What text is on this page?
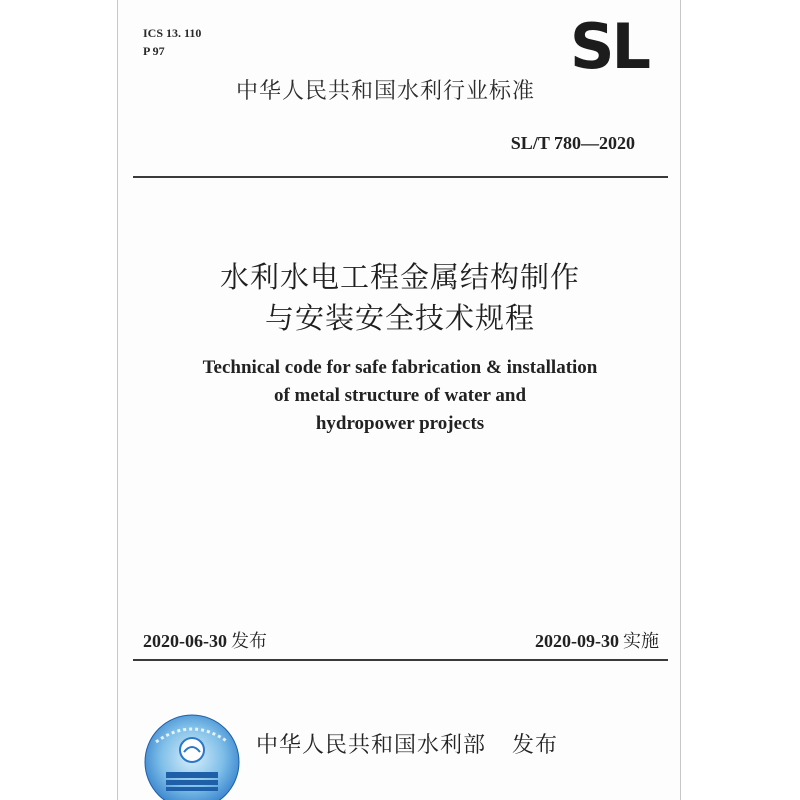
ICS 13. 110
P 97	SL
中华人民共和国水利行业标准
SL/T 780—2020
水利水电工程金属结构制作
与安装安全技术规程
Technical code for safe fabrication & installation
of metal structure of water and
hydropower projects
2020-06-30 发布	2020-09-30 实施
中华人民共和国水利部 发布
